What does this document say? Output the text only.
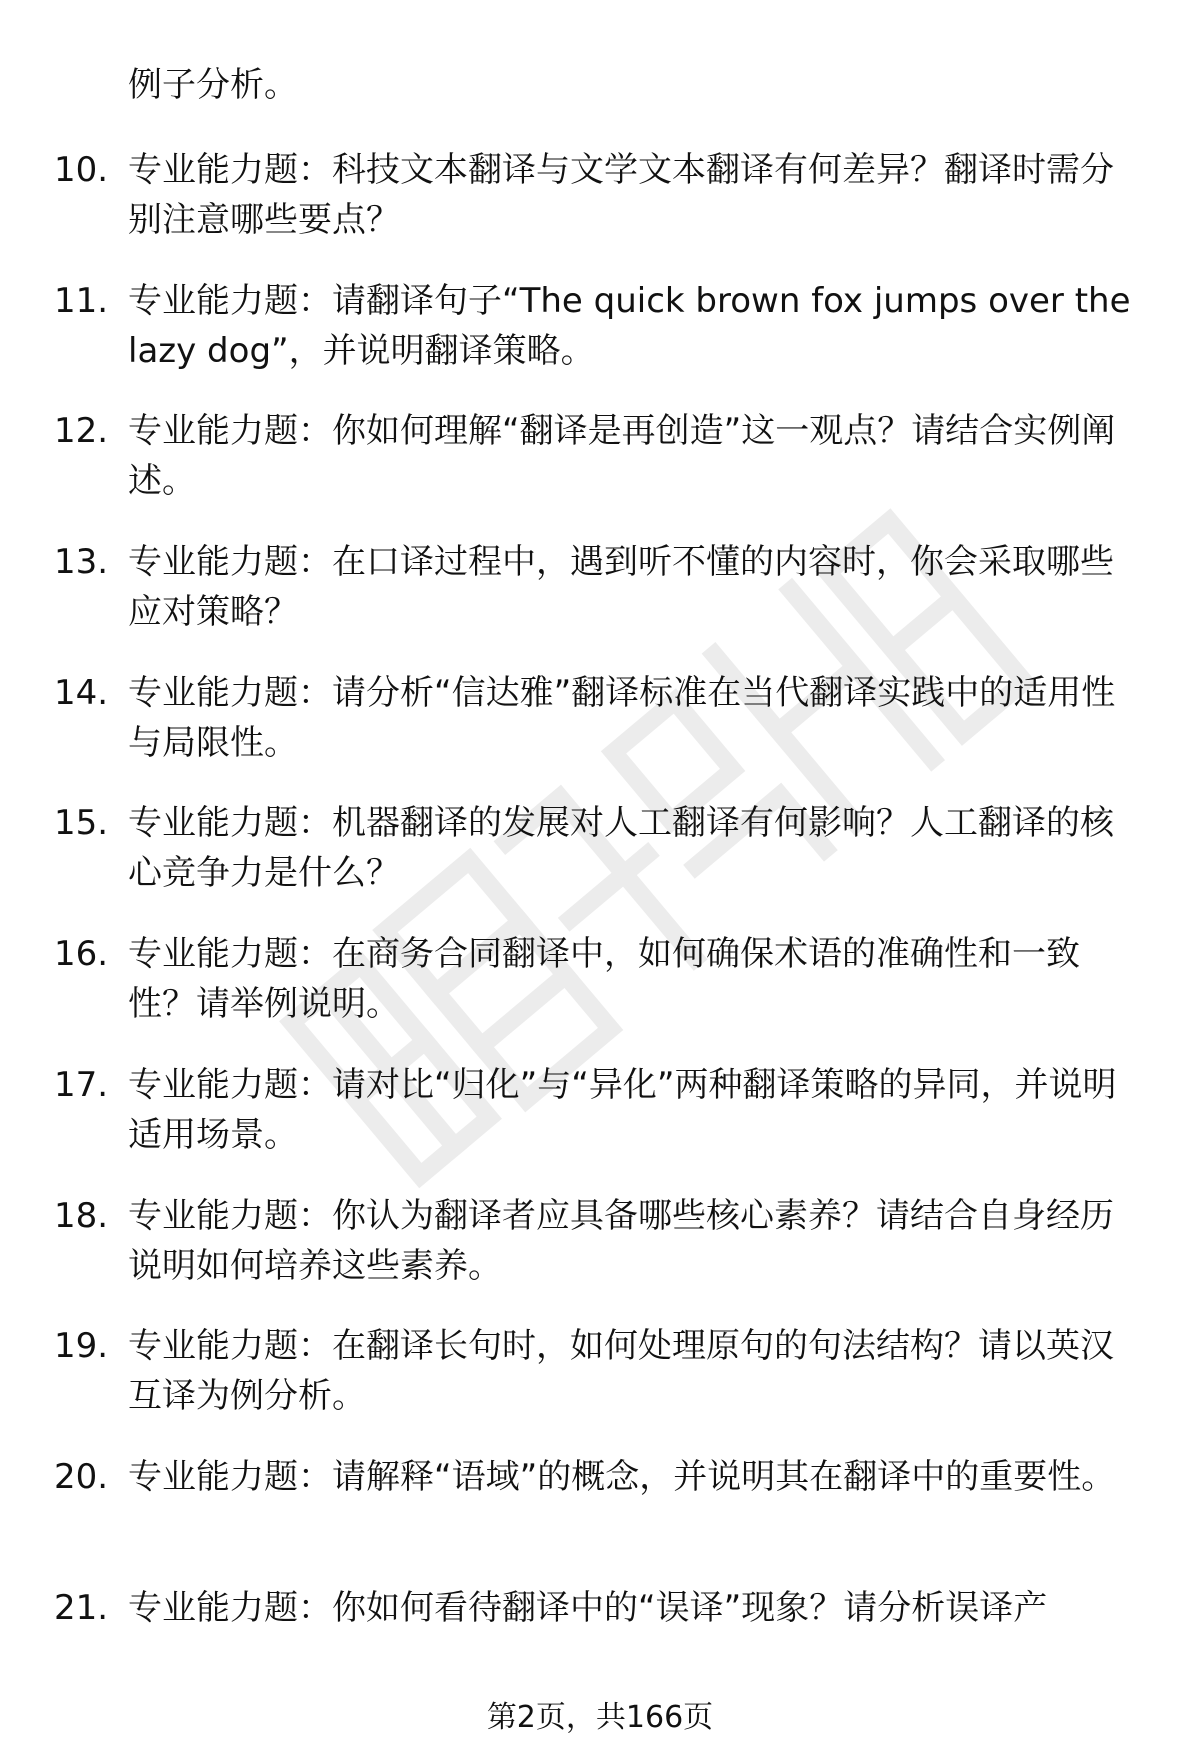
例子分析。
10. 专业能力题：科技文本翻译与文学文本翻译有何差异？翻译时需分别注意哪些要点？
11. 专业能力题：请翻译句子“The quick brown fox jumps over the lazy dog”，并说明翻译策略。
12. 专业能力题：你如何理解“翻译是再创造”这一观点？请结合实例阐述。
13. 专业能力题：在口译过程中，遇到听不懂的内容时，你会采取哪些应对策略？
14. 专业能力题：请分析“信达雅”翻译标准在当代翻译实践中的适用性与局限性。
15. 专业能力题：机器翻译的发展对人工翻译有何影响？人工翻译的核心竞争力是什么？
16. 专业能力题：在商务合同翻译中，如何确保术语的准确性和一致性？请举例说明。
17. 专业能力题：请对比“归化”与“异化”两种翻译策略的异同，并说明适用场景。
18. 专业能力题：你认为翻译者应具备哪些核心素养？请结合自身经历说明如何培养这些素养。
19. 专业能力题：在翻译长句时，如何处理原句的句法结构？请以英汉互译为例分析。
20. 专业能力题：请解释“语域”的概念，并说明其在翻译中的重要性。
21. 专业能力题：你如何看待翻译中的“误译”现象？请分析误译产
第2页，共166页
